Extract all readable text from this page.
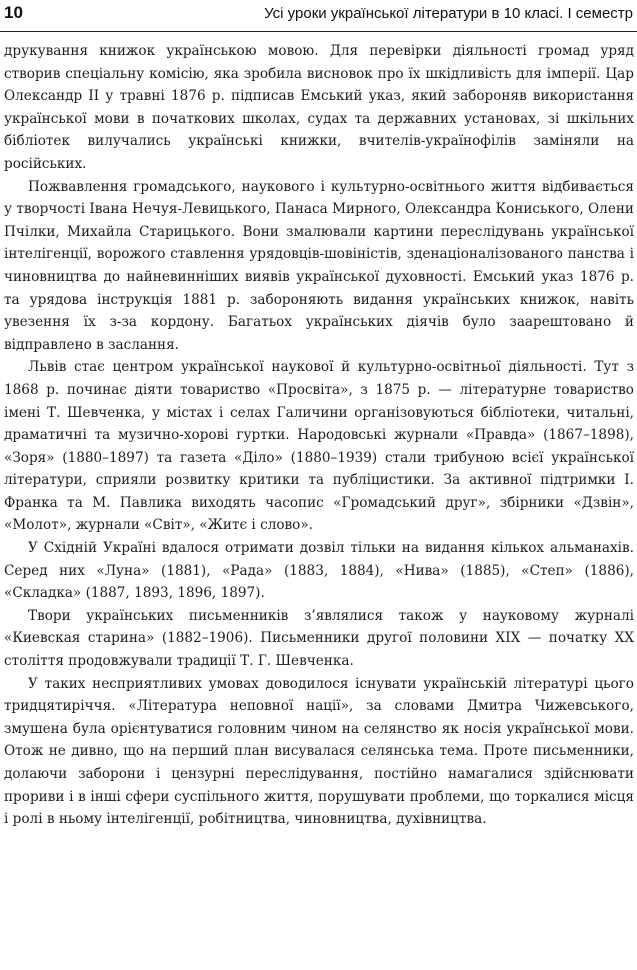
10	Усі уроки української літератури в 10 класі. І семестр

друкування книжок українською мовою. Для перевірки діяльності громад уряд створив спеціальну комісію, яка зробила висновок про їх шкідливість для імперії. Цар Олександр ІІ у травні 1876 р. підписав Емський указ, який забороняв використання української мови в початкових школах, судах та державних установах, зі шкільних бібліотек вилучались українські книжки, вчителів-українофілів заміняли на російських.

Пожвавлення громадського, наукового і культурно-освітнього життя відбивається у творчості Івана Нечуя-Левицького, Панаса Мирного, Олександра Кониського, Олени Пчілки, Михайла Старицького. Вони змалювали картини переслідувань української інтелігенції, ворожого ставлення урядовців-шовіністів, зденаціоналізованого панства і чиновництва до найневинніших виявів української духовності. Емський указ 1876 р. та урядова інструкція 1881 р. забороняють видання українських книжок, навіть увезення їх з-за кордону. Багатьох українських діячів було заарештовано й відправлено в заслання.

Львів стає центром української наукової й культурно-освітньої діяльності. Тут з 1868 р. починає діяти товариство «Просвіта», з 1875 р. — літературне товариство імені Т. Шевченка, у містах і селах Галичини організовуються бібліотеки, читальні, драматичні та музично-хорові гуртки. Народовські журнали «Правда» (1867–1898), «Зоря» (1880–1897) та газета «Діло» (1880–1939) стали трибуною всієї української літератури, сприяли розвитку критики та публіцистики. За активної підтримки І. Франка та М. Павлика виходять часопис «Громадський друг», збірники «Дзвін», «Молот», журнали «Світ», «Житє і слово».

У Східній Україні вдалося отримати дозвіл тільки на видання кількох альманахів. Серед них «Луна» (1881), «Рада» (1883, 1884), «Нива» (1885), «Степ» (1886), «Складка» (1887, 1893, 1896, 1897).

Твори українських письменників з’являлися також у науковому журналі «Киевская старина» (1882–1906). Письменники другої половини XIX — початку XX століття продовжували традиції Т. Г. Шевченка.

У таких несприятливих умовах доводилося існувати українській літературі цього тридцятиріччя. «Література неповної нації», за словами Дмитра Чижевського, змушена була орієнтуватися головним чином на селянство як носія української мови. Отож не дивно, що на перший план висувалася селянська тема. Проте письменники, долаючи заборони і цензурні переслідування, постійно намагалися здійснювати прориви і в інші сфери суспільного життя, порушувати проблеми, що торкалися місця і ролі в ньому інтелігенції, робітництва, чиновництва, духівництва.
